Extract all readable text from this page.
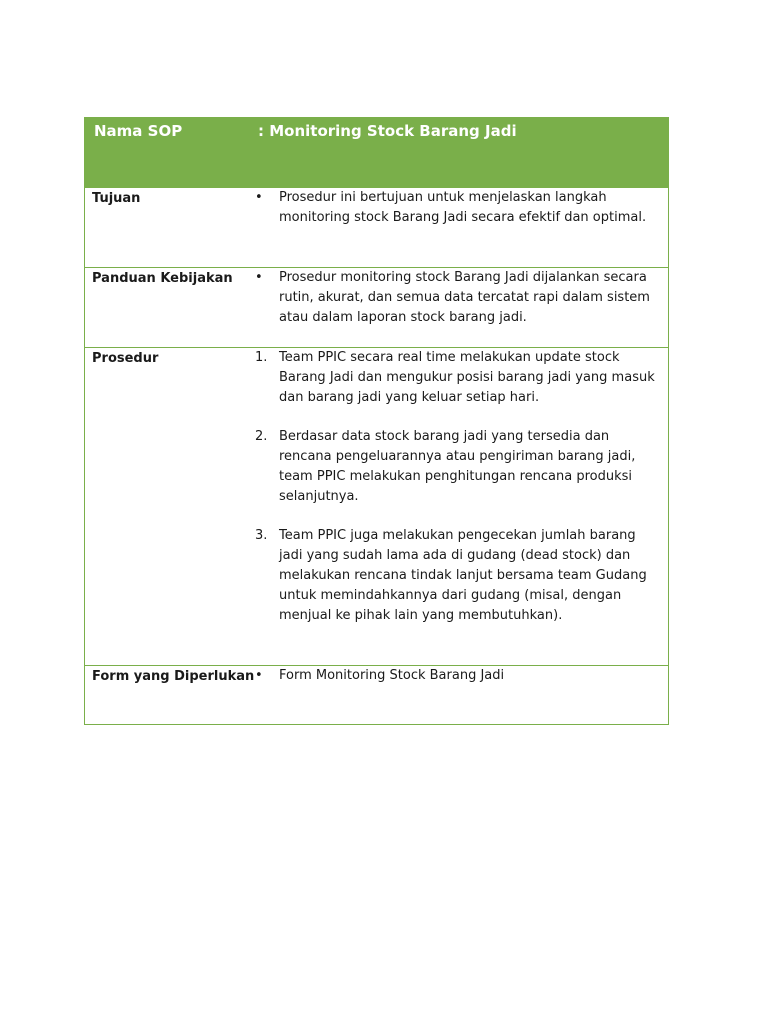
Nama SOP	: Monitoring Stock Barang Jadi
Tujuan	•	Prosedur ini bertujuan untuk menjelaskan langkah monitoring stock Barang Jadi secara efektif dan optimal.
Panduan Kebijakan	•	Prosedur monitoring stock Barang Jadi dijalankan secara rutin, akurat, dan semua data tercatat rapi dalam sistem atau dalam laporan stock barang jadi.
Prosedur	1. Team PPIC secara real time melakukan update stock Barang Jadi dan mengukur posisi barang jadi yang masuk dan barang jadi yang keluar setiap hari.
2. Berdasar data stock barang jadi yang tersedia dan rencana pengeluarannya atau pengiriman barang jadi, team PPIC melakukan penghitungan rencana produksi selanjutnya.
3. Team PPIC juga melakukan pengecekan jumlah barang jadi yang sudah lama ada di gudang (dead stock) dan melakukan rencana tindak lanjut bersama team Gudang untuk memindahkannya dari gudang (misal, dengan menjual ke pihak lain yang membutuhkan).
Form yang Diperlukan •	Form Monitoring Stock Barang Jadi
